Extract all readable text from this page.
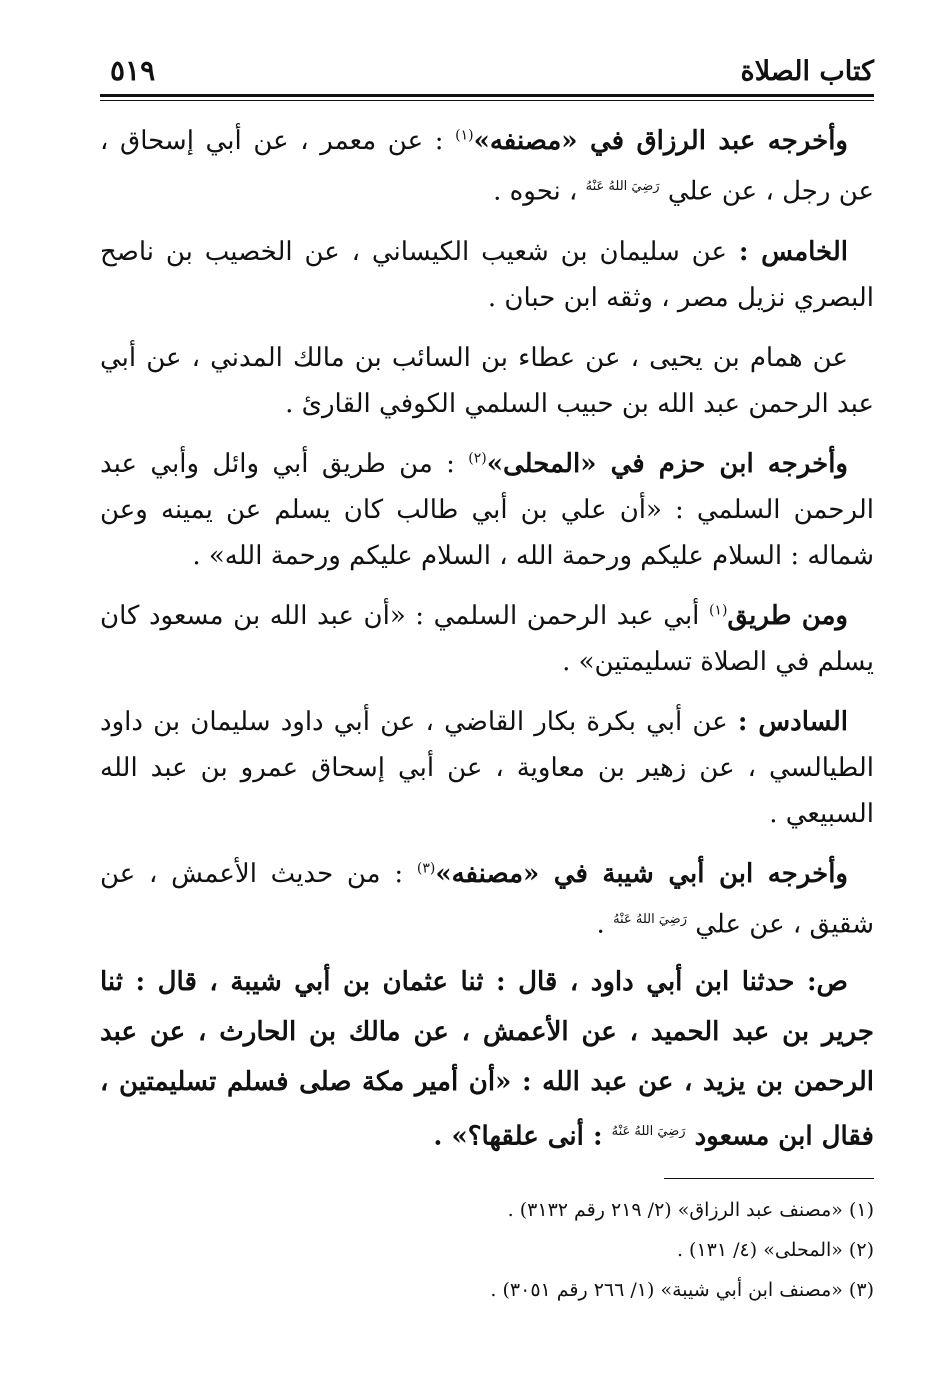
كتاب الصلاة
٥١٩

وأخرجه عبد الرزاق في «مصنفه»$^{(١)}$ : عن معمر ، عن أبي إسحاق ، عن رجل ، عن علي $^{رَضِيَ اللهُ عَنْهُ}$ ، نحوه .

الخامس : عن سليمان بن شعيب الكيساني ، عن الخصيب بن ناصح البصري نزيل مصر ، وثقه ابن حبان .

عن همام بن يحيى ، عن عطاء بن السائب بن مالك المدني ، عن أبي عبد الرحمن عبد الله بن حبيب السلمي الكوفي القارئ .

وأخرجه ابن حزم في «المحلى»$^{(٢)}$ : من طريق أبي وائل وأبي عبد الرحمن السلمي : «أن علي بن أبي طالب كان يسلم عن يمينه وعن شماله : السلام عليكم ورحمة الله ، السلام عليكم ورحمة الله» .

ومن طريق$^{(١)}$ أبي عبد الرحمن السلمي : «أن عبد الله بن مسعود كان يسلم في الصلاة تسليمتين» .

السادس : عن أبي بكرة بكار القاضي ، عن أبي داود سليمان بن داود الطيالسي ، عن زهير بن معاوية ، عن أبي إسحاق عمرو بن عبد الله السبيعي .

وأخرجه ابن أبي شيبة في «مصنفه»$^{(٣)}$ : من حديث الأعمش ، عن شقيق ، عن علي $^{رَضِيَ اللهُ عَنْهُ}$ .

ص: حدثنا ابن أبي داود ، قال : ثنا عثمان بن أبي شيبة ، قال : ثنا جرير بن عبد الحميد ، عن الأعمش ، عن مالك بن الحارث ، عن عبد الرحمن بن يزيد ، عن عبد الله : «أن أمير مكة صلى فسلم تسليمتين ، فقال ابن مسعود $^{رَضِيَ اللهُ عَنْهُ}$ : أنى علقها؟» .

(١) «مصنف عبد الرزاق» (٢/ ٢١٩ رقم ٣١٣٢) .
(٢) «المحلى» (٤/ ١٣١) .
(٣) «مصنف ابن أبي شيبة» (١/ ٢٦٦ رقم ٣٠٥١) .
